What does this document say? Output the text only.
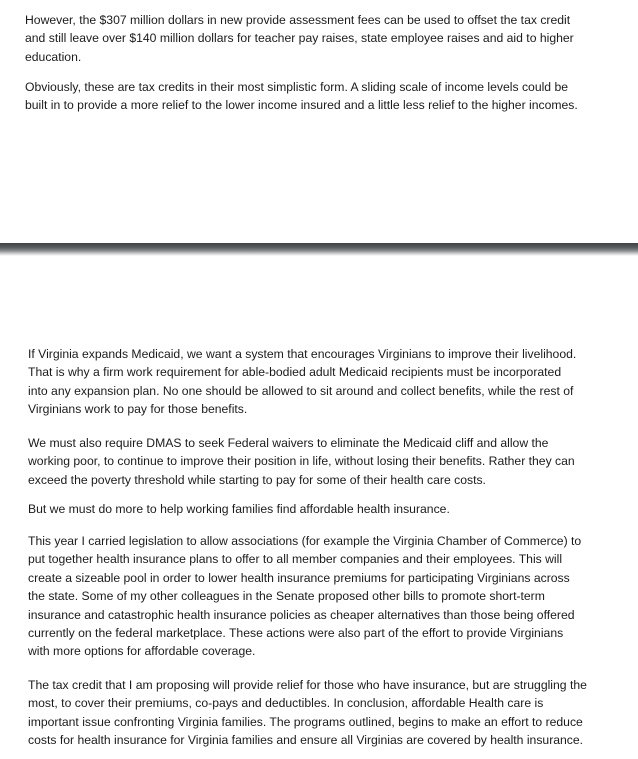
However, the $307 million dollars in new provide assessment fees can be used to offset the tax credit
and still leave over $140 million dollars for teacher pay raises, state employee raises and aid to higher
education.

Obviously, these are tax credits in their most simplistic form. A sliding scale of income levels could be
built in to provide a more relief to the lower income insured and a little less relief to the higher incomes.

If Virginia expands Medicaid, we want a system that encourages Virginians to improve their livelihood.
That is why a firm work requirement for able-bodied adult Medicaid recipients must be incorporated
into any expansion plan. No one should be allowed to sit around and collect benefits, while the rest of
Virginians work to pay for those benefits.

We must also require DMAS to seek Federal waivers to eliminate the Medicaid cliff and allow the
working poor, to continue to improve their position in life, without losing their benefits. Rather they can
exceed the poverty threshold while starting to pay for some of their health care costs.

But we must do more to help working families find affordable health insurance.

This year I carried legislation to allow associations (for example the Virginia Chamber of Commerce) to
put together health insurance plans to offer to all member companies and their employees. This will
create a sizeable pool in order to lower health insurance premiums for participating Virginians across
the state. Some of my other colleagues in the Senate proposed other bills to promote short-term
insurance and catastrophic health insurance policies as cheaper alternatives than those being offered
currently on the federal marketplace. These actions were also part of the effort to provide Virginians
with more options for affordable coverage.

The tax credit that I am proposing will provide relief for those who have insurance, but are struggling the
most, to cover their premiums, co-pays and deductibles. In conclusion, affordable Health care is
important issue confronting Virginia families. The programs outlined, begins to make an effort to reduce
costs for health insurance for Virginia families and ensure all Virginias are covered by health insurance.
